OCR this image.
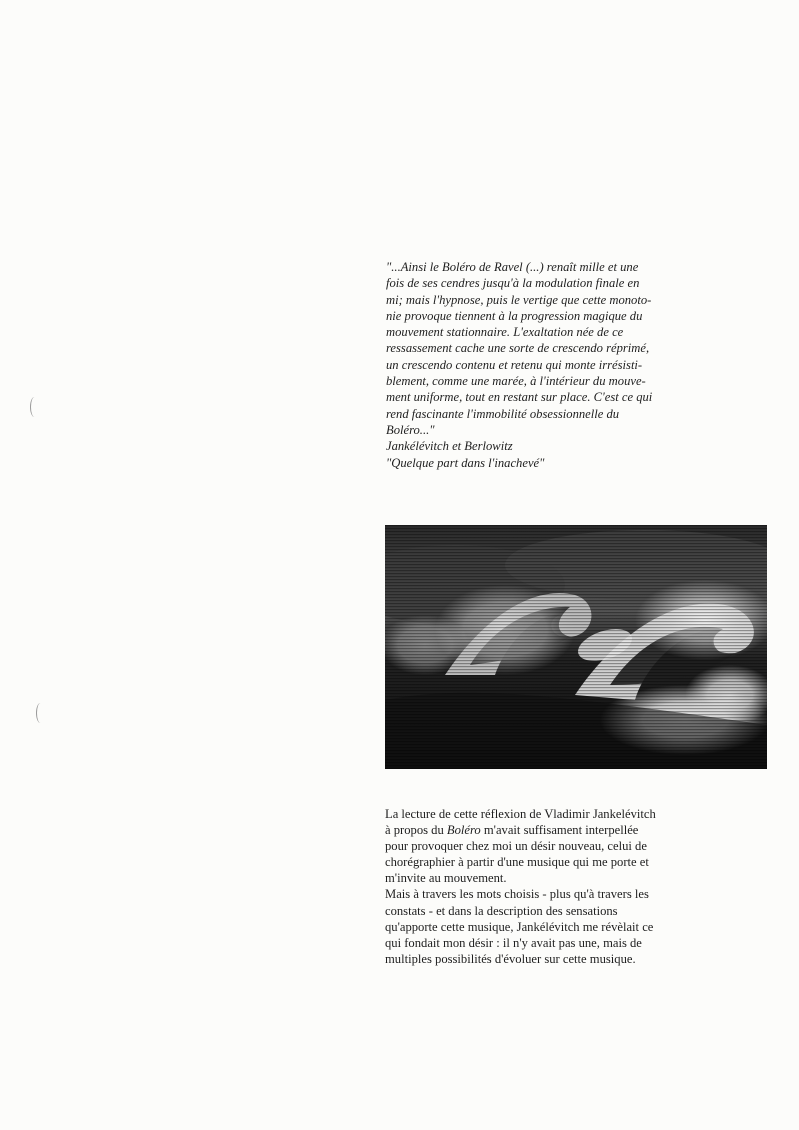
"...Ainsi le Boléro de Ravel (...) renaît mille et une
fois de ses cendres jusqu'à la modulation finale en
mi; mais l'hypnose, puis le vertige que cette monoto-
nie provoque tiennent à la progression magique du
mouvement stationnaire. L'exaltation née de ce
ressassement cache une sorte de crescendo réprimé,
un crescendo contenu et retenu qui monte irrésisti-
blement, comme une marée, à l'intérieur du mouve-
ment uniforme, tout en restant sur place. C'est ce qui
rend fascinante l'immobilité obsessionnelle du
Boléro..."
Jankélévitch et Berlowitz
"Quelque part dans l'inachevé"
La lecture de cette réflexion de Vladimir Jankelévitch
à propos du Boléro m'avait suffisament interpellée
pour provoquer chez moi un désir nouveau, celui de
chorégraphier à partir d'une musique qui me porte et
m'invite au mouvement.
Mais à travers les mots choisis - plus qu'à travers les
constats - et dans la description des sensations
qu'apporte cette musique, Jankélévitch me révèlait ce
qui fondait mon désir : il n'y avait pas une, mais de
multiples possibilités d'évoluer sur cette musique.
